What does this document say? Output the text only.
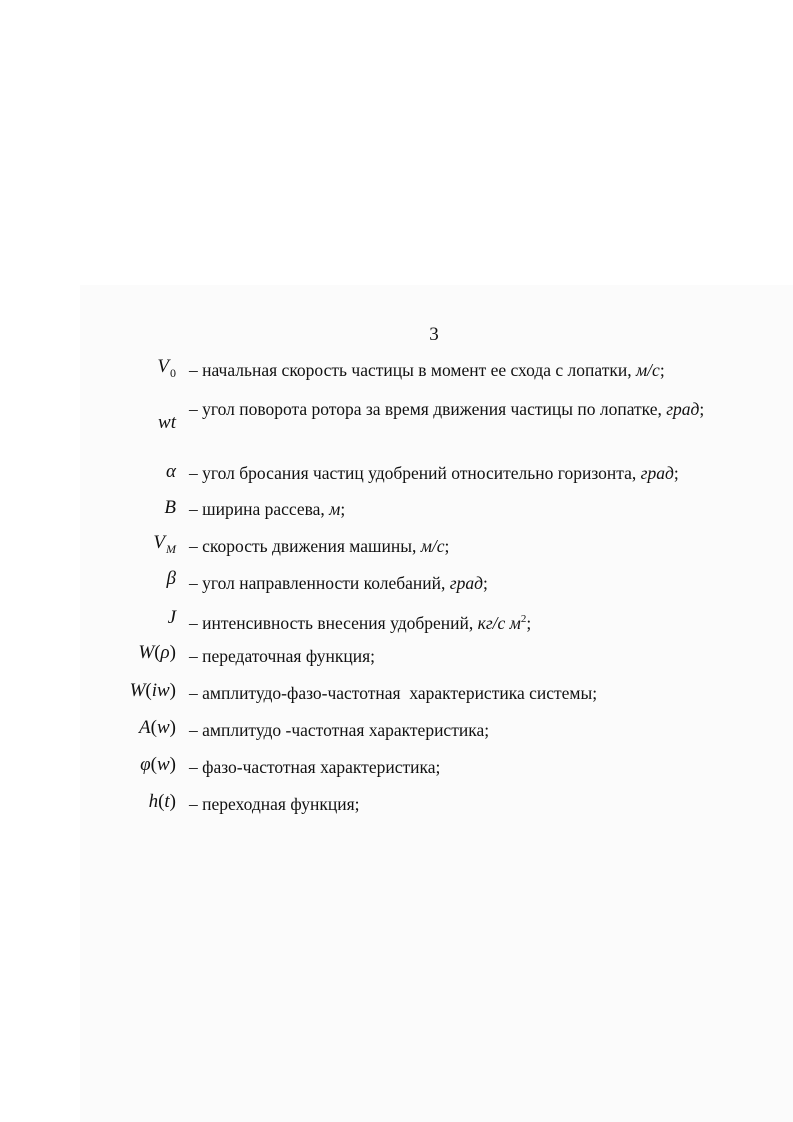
3
$V_0$ – начальная скорость частицы в момент ее схода с лопатки, м/с;
wt
– угол поворота ротора за время движения частицы по лопатке, град;
α – угол бросания частиц удобрений относительно горизонта, град;
B – ширина рассева, м;
$V_M$ – скорость движения машины, м/с;
β – угол направленности колебаний, град;
J – интенсивность внесения удобрений, кг/с $м^2$;
W(ρ) – передаточная функция;
W(iw) – амплитудо-фазо-частотная  характеристика системы;
A(w) – амплитудо -частотная характеристика;
φ(w) – фазо-частотная характеристика;
h(t) – переходная функция;
